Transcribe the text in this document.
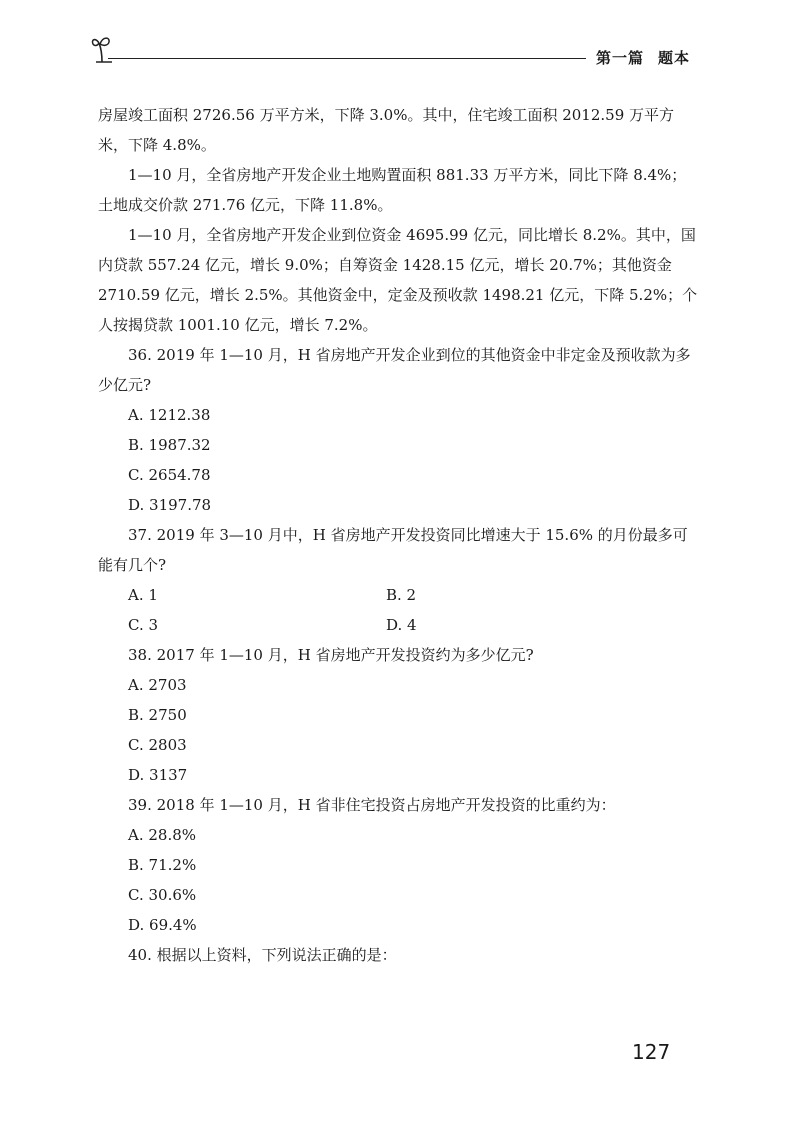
第一篇 题本

房屋竣工面积 2726.56 万平方米，下降 3.0%。其中，住宅竣工面积 2012.59 万平方米，下降 4.8%。

1—10 月，全省房地产开发企业土地购置面积 881.33 万平方米，同比下降 8.4%；土地成交价款 271.76 亿元，下降 11.8%。

1—10 月，全省房地产开发企业到位资金 4695.99 亿元，同比增长 8.2%。其中，国内贷款 557.24 亿元，增长 9.0%；自筹资金 1428.15 亿元，增长 20.7%；其他资金 2710.59 亿元，增长 2.5%。其他资金中，定金及预收款 1498.21 亿元，下降 5.2%；个人按揭贷款 1001.10 亿元，增长 7.2%。

36. 2019 年 1—10 月，H 省房地产开发企业到位的其他资金中非定金及预收款为多少亿元?

A. 1212.38

B. 1987.32

C. 2654.78

D. 3197.78

37. 2019 年 3—10 月中，H 省房地产开发投资同比增速大于 15.6% 的月份最多可能有几个?

A. 1	B. 2
C. 3	D. 4

38. 2017 年 1—10 月，H 省房地产开发投资约为多少亿元?

A. 2703

B. 2750

C. 2803

D. 3137

39. 2018 年 1—10 月，H 省非住宅投资占房地产开发投资的比重约为：

A. 28.8%

B. 71.2%

C. 30.6%

D. 69.4%

40. 根据以上资料，下列说法正确的是：

127
